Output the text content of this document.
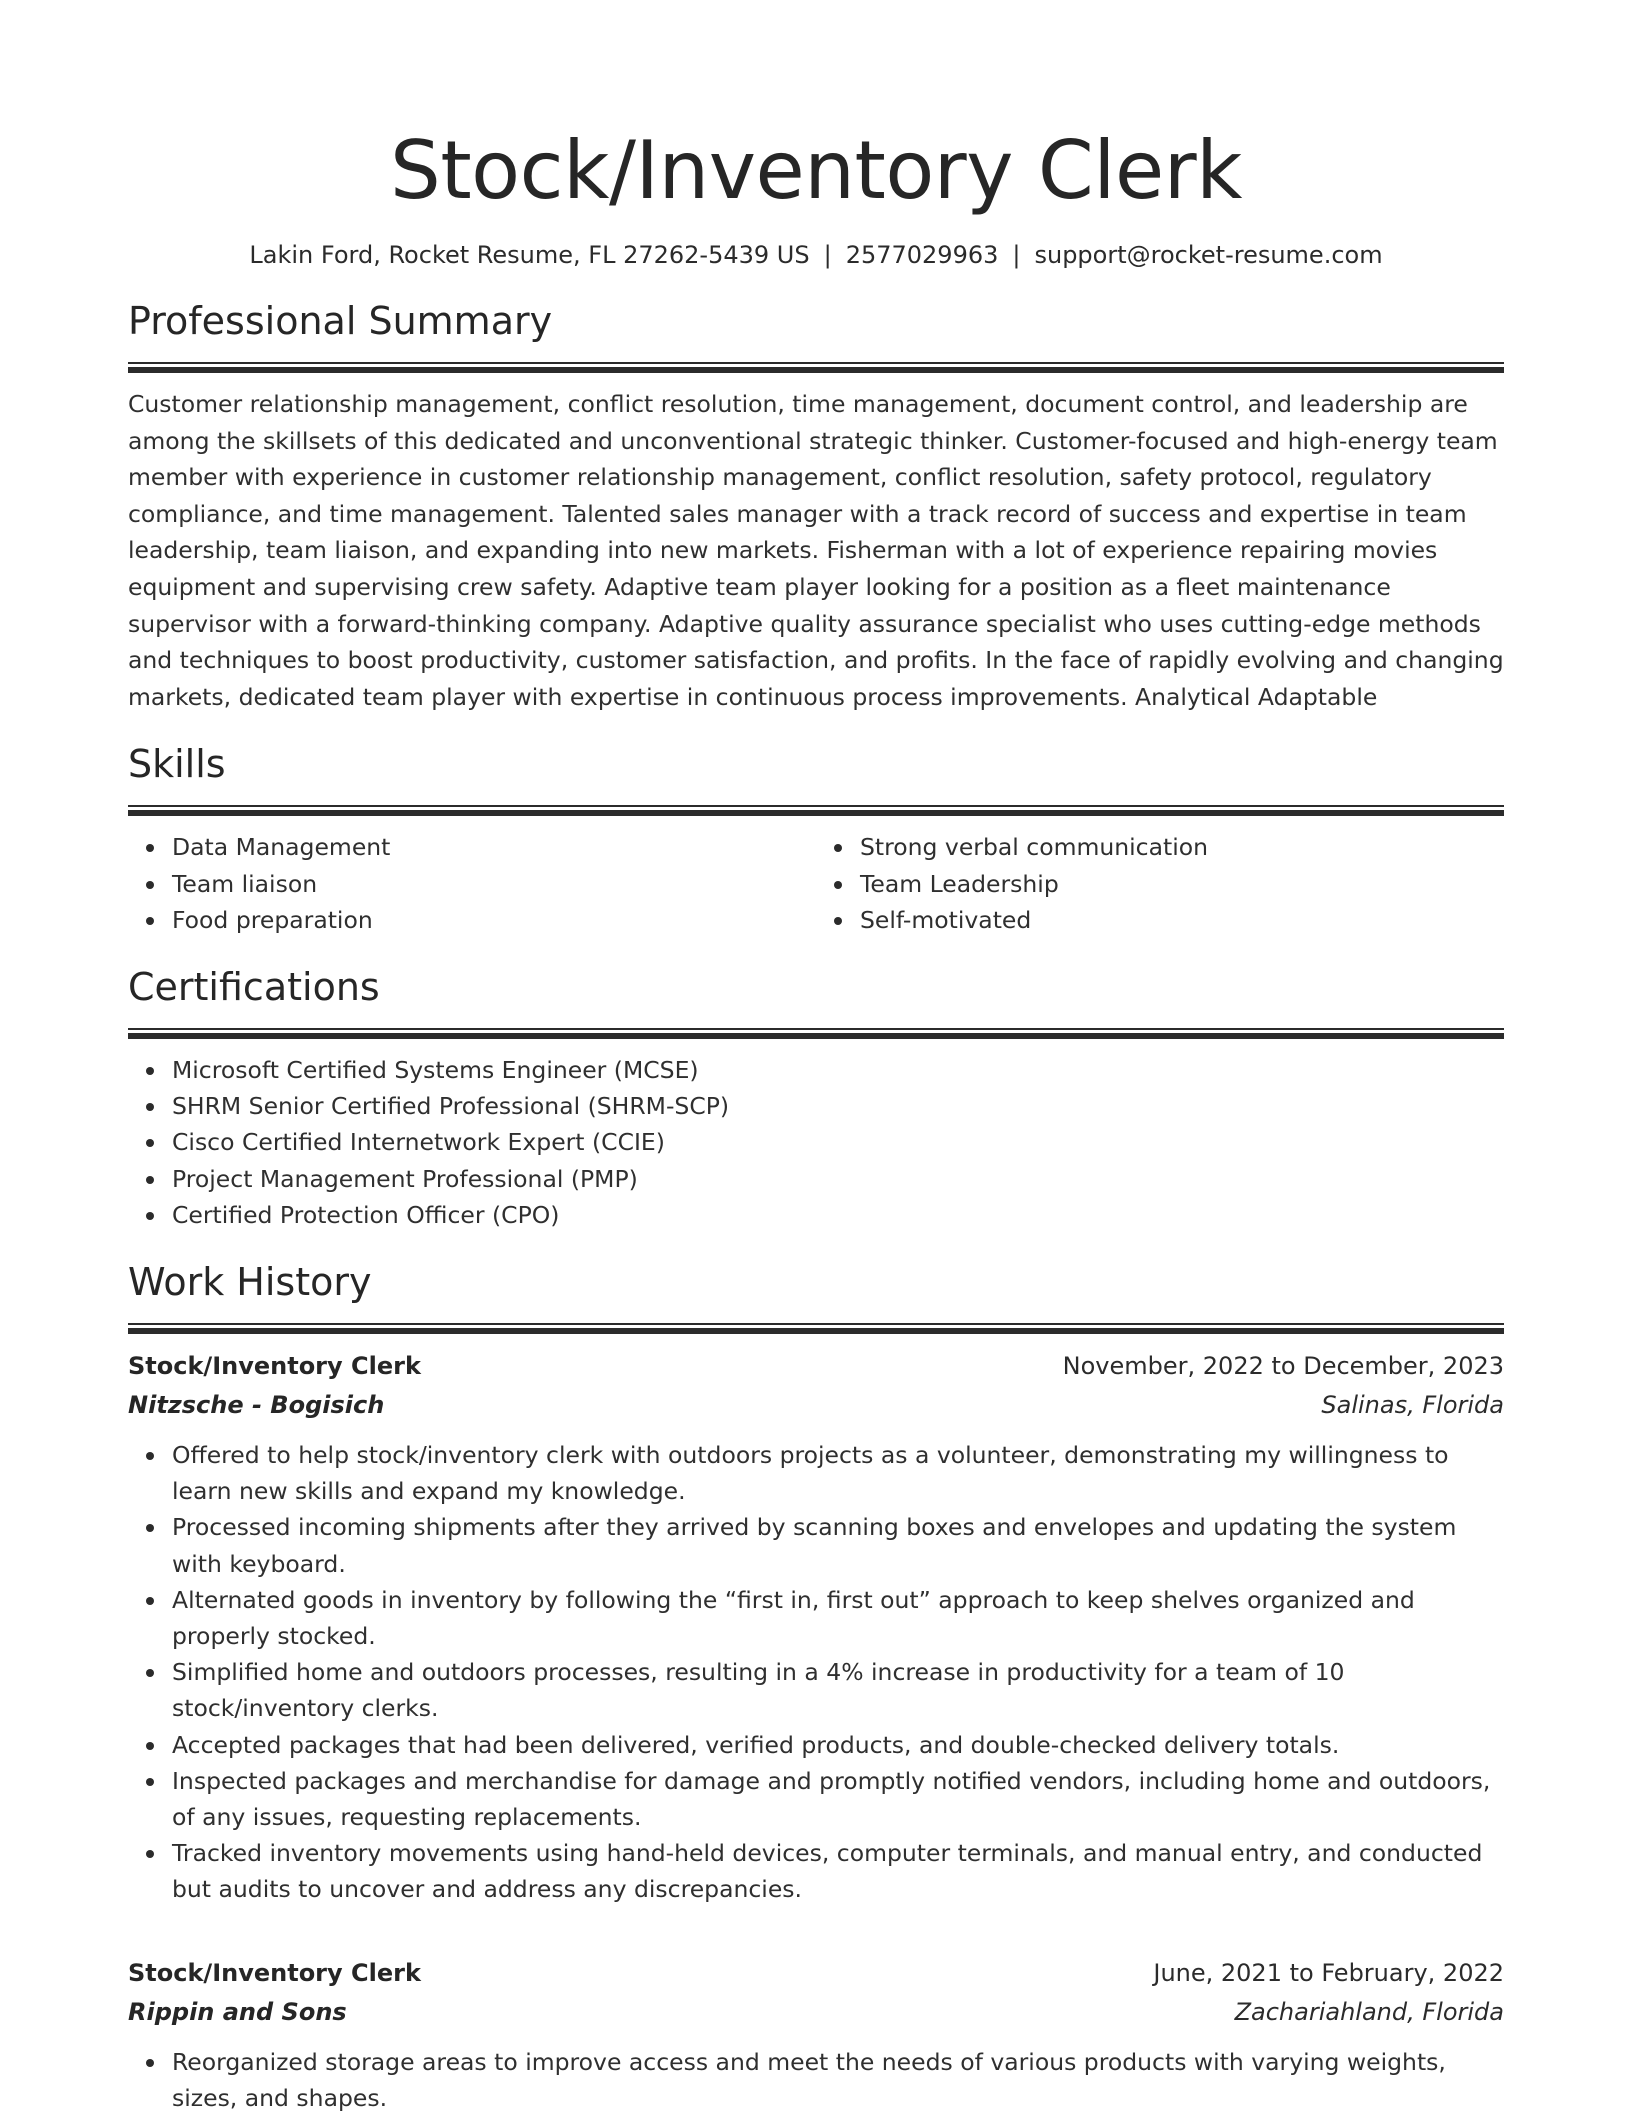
Stock/Inventory Clerk
Lakin Ford, Rocket Resume, FL 27262-5439 US | 2577029963 | support@rocket-resume.com
Professional Summary

Customer relationship management, conflict resolution, time management, document control, and leadership are among the skillsets of this dedicated and unconventional strategic thinker. Customer-focused and high-energy team member with experience in customer relationship management, conflict resolution, safety protocol, regulatory compliance, and time management. Talented sales manager with a track record of success and expertise in team leadership, team liaison, and expanding into new markets. Fisherman with a lot of experience repairing movies equipment and supervising crew safety. Adaptive team player looking for a position as a fleet maintenance supervisor with a forward-thinking company. Adaptive quality assurance specialist who uses cutting-edge methods and techniques to boost productivity, customer satisfaction, and profits. In the face of rapidly evolving and changing markets, dedicated team player with expertise in continuous process improvements. Analytical Adaptable

Skills
Data Management
Team liaison
Food preparation
Strong verbal communication
Team Leadership
Self-motivated
Certifications
Microsoft Certified Systems Engineer (MCSE)
SHRM Senior Certified Professional (SHRM-SCP)
Cisco Certified Internetwork Expert (CCIE)
Project Management Professional (PMP)
Certified Protection Officer (CPO)
Work History
Stock/Inventory Clerk	November, 2022 to December, 2023
Nitzsche - Bogisich	Salinas, Florida
Offered to help stock/inventory clerk with outdoors projects as a volunteer, demonstrating my willingness to learn new skills and expand my knowledge.
Processed incoming shipments after they arrived by scanning boxes and envelopes and updating the system with keyboard.
Alternated goods in inventory by following the “first in, first out” approach to keep shelves organized and properly stocked.
Simplified home and outdoors processes, resulting in a 4% increase in productivity for a team of 10 stock/inventory clerks.
Accepted packages that had been delivered, verified products, and double-checked delivery totals.
Inspected packages and merchandise for damage and promptly notified vendors, including home and outdoors, of any issues, requesting replacements.
Tracked inventory movements using hand-held devices, computer terminals, and manual entry, and conducted but audits to uncover and address any discrepancies.
Stock/Inventory Clerk	June, 2021 to February, 2022
Rippin and Sons	Zachariahland, Florida
Reorganized storage areas to improve access and meet the needs of various products with varying weights, sizes, and shapes.
